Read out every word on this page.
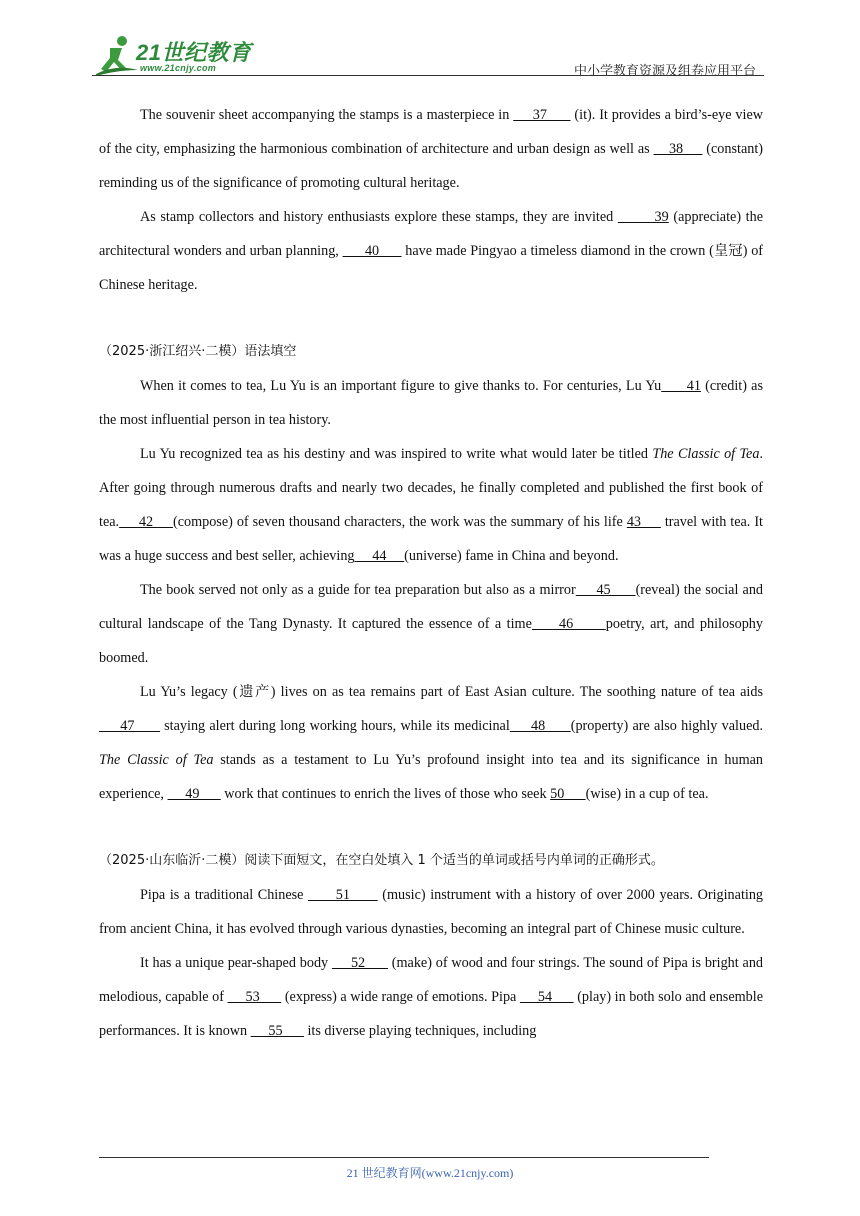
21世纪教育
www.21cnjy.com	中小学教育资源及组卷应用平台

The souvenir sheet accompanying the stamps is a masterpiece in      37       (it). It provides a bird’s-eye view of the city, emphasizing the harmonious combination of architecture and urban design as well as     38      (constant) reminding us of the significance of promoting cultural heritage.

As stamp collectors and history enthusiasts explore these stamps, they are invited         39 (appreciate) the architectural wonders and urban planning,       40       have made Pingyao a timeless diamond in the crown (皇冠) of Chinese heritage.

（2025·浙江绍兴·二模）语法填空

When it comes to tea, Lu Yu is an important figure to give thanks to. For centuries, Lu Yu      41 (credit) as the most influential person in tea history.

Lu Yu recognized tea as his destiny and was inspired to write what would later be titled The Classic of Tea. After going through numerous drafts and nearly two decades, he finally completed and published the first book of tea.     42     (compose) of seven thousand characters, the work was the summary of his life 43      travel with tea. It was a huge success and best seller, achieving     44     (universe) fame in China and beyond.

The book served not only as a guide for tea preparation but also as a mirror     45      (reveal) the social and cultural landscape of the Tang Dynasty. It captured the essence of a time     46      poetry, art, and philosophy boomed.

Lu Yu’s legacy (遗产) lives on as tea remains part of East Asian culture. The soothing nature of tea aids      47       staying alert during long working hours, while its medicinal     48      (property) are also highly valued. The Classic of Tea stands as a testament to Lu Yu’s profound insight into tea and its significance in human experience,      49       work that continues to enrich the lives of those who seek 50      (wise) in a cup of tea.

（2025·山东临沂·二模）阅读下面短文，在空白处填入 1 个适当的单词或括号内单词的正确形式。

Pipa is a traditional Chinese       51       (music) instrument with a history of over 2000 years. Originating from ancient China, it has evolved through various dynasties, becoming an integral part of Chinese music culture.

It has a unique pear-shaped body      52       (make) of wood and four strings. The sound of Pipa is bright and melodious, capable of      53       (express) a wide range of emotions. Pipa      54       (play) in both solo and ensemble performances. It is known      55       its diverse playing techniques, including

21 世纪教育网(www.21cnjy.com)
